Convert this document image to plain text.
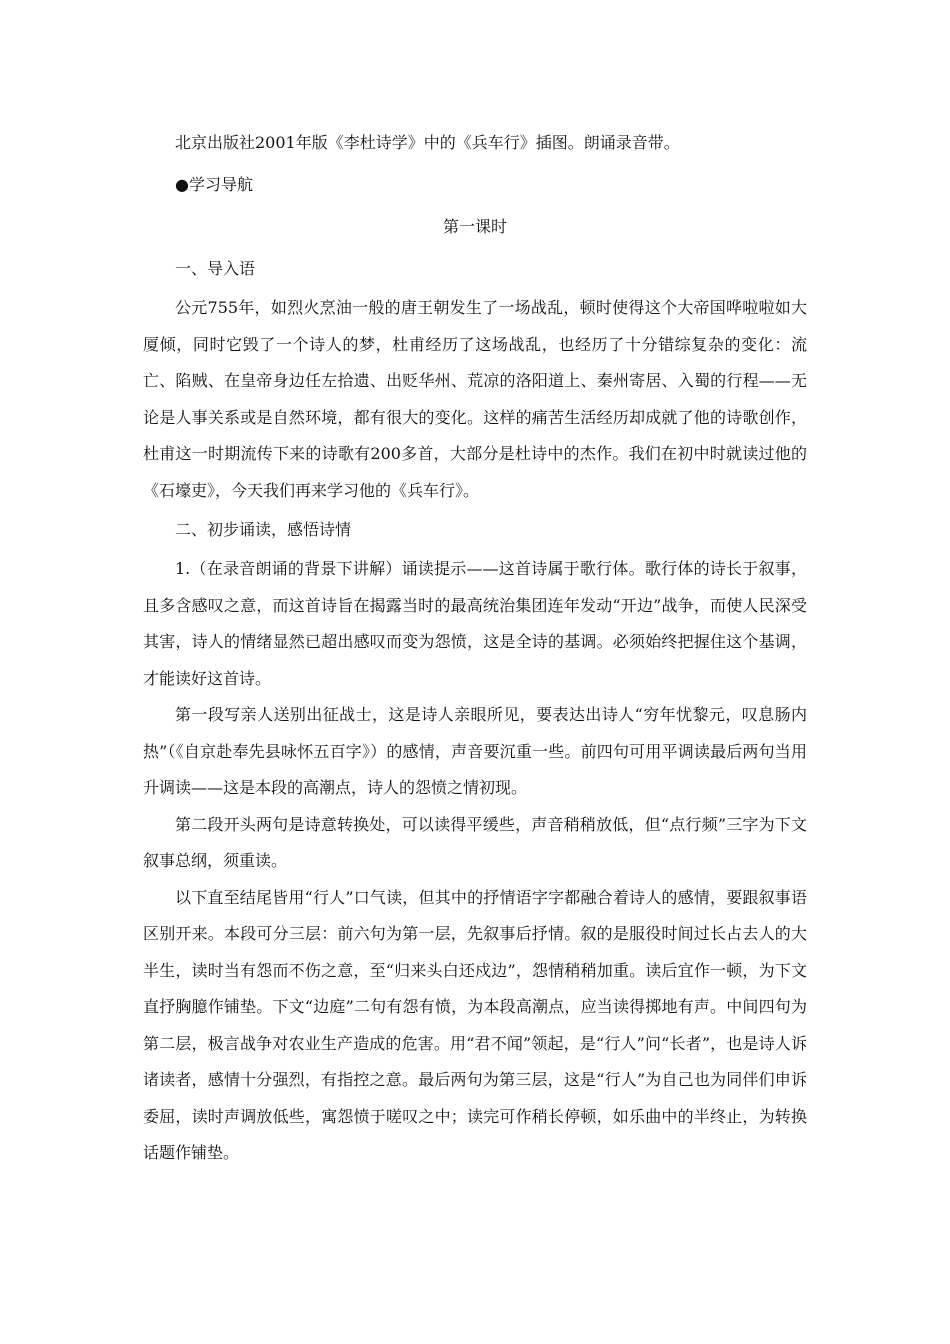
北京出版社2001年版《李杜诗学》中的《兵车行》插图。朗诵录音带。
●学习导航
第一课时
一、导入语

公元755年，如烈火烹油一般的唐王朝发生了一场战乱，顿时使得这个大帝国哗啦啦如大厦倾，同时它毁了一个诗人的梦，杜甫经历了这场战乱，也经历了十分错综复杂的变化：流亡、陷贼、在皇帝身边任左拾遗、出贬华州、荒凉的洛阳道上、秦州寄居、入蜀的行程——无论是人事关系或是自然环境，都有很大的变化。这样的痛苦生活经历却成就了他的诗歌创作，杜甫这一时期流传下来的诗歌有200多首，大部分是杜诗中的杰作。我们在初中时就读过他的《石壕吏》，今天我们再来学习他的《兵车行》。

二、初步诵读，感悟诗情

1.（在录音朗诵的背景下讲解）诵读提示——这首诗属于歌行体。歌行体的诗长于叙事，且多含感叹之意，而这首诗旨在揭露当时的最高统治集团连年发动“开边”战争，而使人民深受其害，诗人的情绪显然已超出感叹而变为怨愤，这是全诗的基调。必须始终把握住这个基调，才能读好这首诗。

第一段写亲人送别出征战士，这是诗人亲眼所见，要表达出诗人“穷年忧黎元，叹息肠内热”（《自京赴奉先县咏怀五百字》）的感情，声音要沉重一些。前四句可用平调读最后两句当用升调读——这是本段的高潮点，诗人的怨愤之情初现。

第二段开头两句是诗意转换处，可以读得平缓些，声音稍稍放低，但“点行频”三字为下文叙事总纲，须重读。

以下直至结尾皆用“行人”口气读，但其中的抒情语字字都融合着诗人的感情，要跟叙事语区别开来。本段可分三层：前六句为第一层，先叙事后抒情。叙的是服役时间过长占去人的大半生，读时当有怨而不伤之意，至“归来头白还戍边”，怨情稍稍加重。读后宜作一顿，为下文直抒胸臆作铺垫。下文“边庭”二句有怨有愤，为本段高潮点，应当读得掷地有声。中间四句为第二层，极言战争对农业生产造成的危害。用“君不闻”领起，是“行人”问“长者”，也是诗人诉诸读者，感情十分强烈，有指控之意。最后两句为第三层，这是“行人”为自己也为同伴们申诉委屈，读时声调放低些，寓怨愤于嗟叹之中；读完可作稍长停顿，如乐曲中的半终止，为转换话题作铺垫。
